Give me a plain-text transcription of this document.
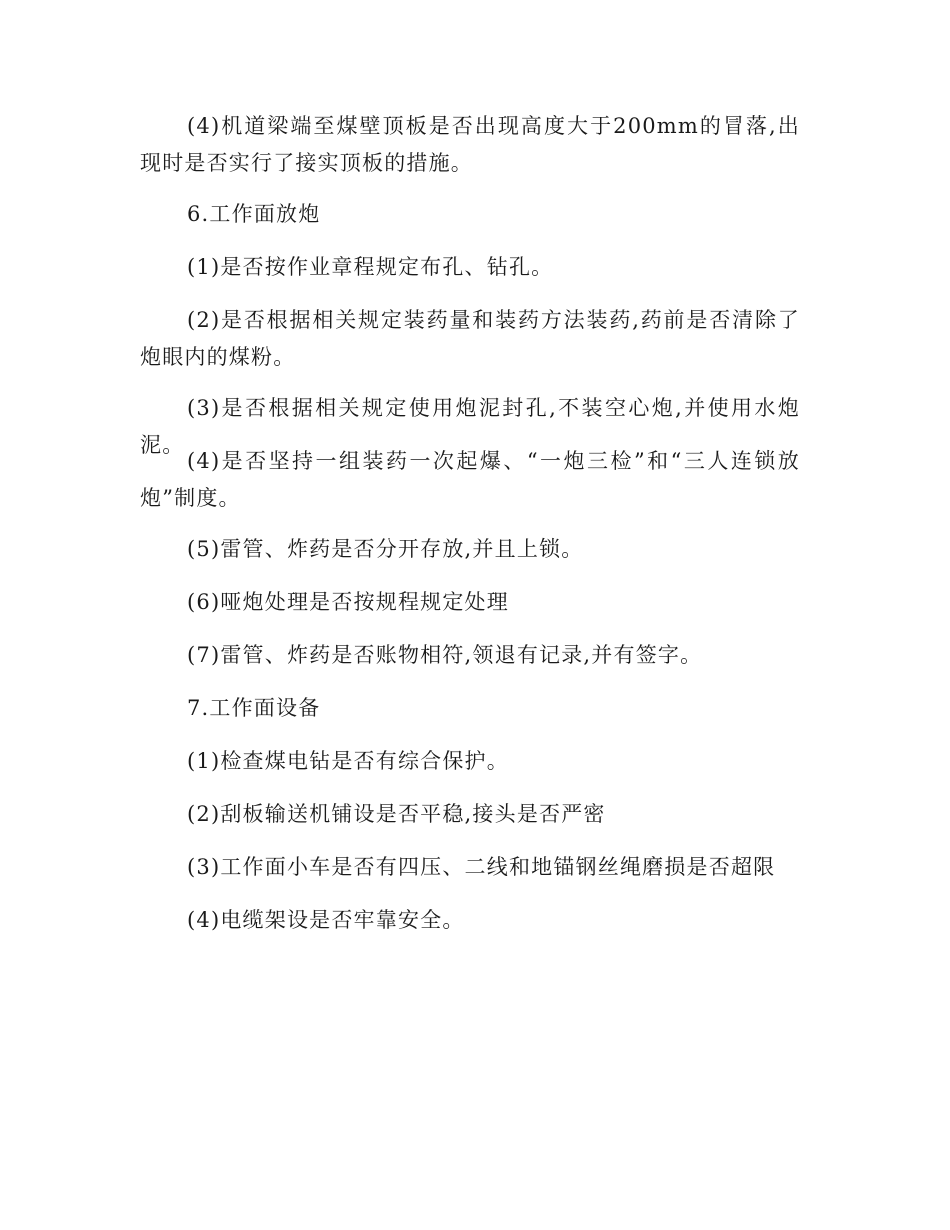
(4)机道梁端至煤壁顶板是否出现高度大于200mm的冒落,出现时是否实行了接实顶板的措施。

6.工作面放炮

(1)是否按作业章程规定布孔、钻孔。

(2)是否根据相关规定装药量和装药方法装药,药前是否清除了炮眼内的煤粉。

(3)是否根据相关规定使用炮泥封孔,不装空心炮,并使用水炮泥。

(4)是否坚持一组装药一次起爆、“一炮三检”和“三人连锁放炮”制度。

(5)雷管、炸药是否分开存放,并且上锁。

(6)哑炮处理是否按规程规定处理

(7)雷管、炸药是否账物相符,领退有记录,并有签字。

7.工作面设备

(1)检查煤电钻是否有综合保护。

(2)刮板输送机铺设是否平稳,接头是否严密

(3)工作面小车是否有四压、二线和地锚钢丝绳磨损是否超限

(4)电缆架设是否牢靠安全。
